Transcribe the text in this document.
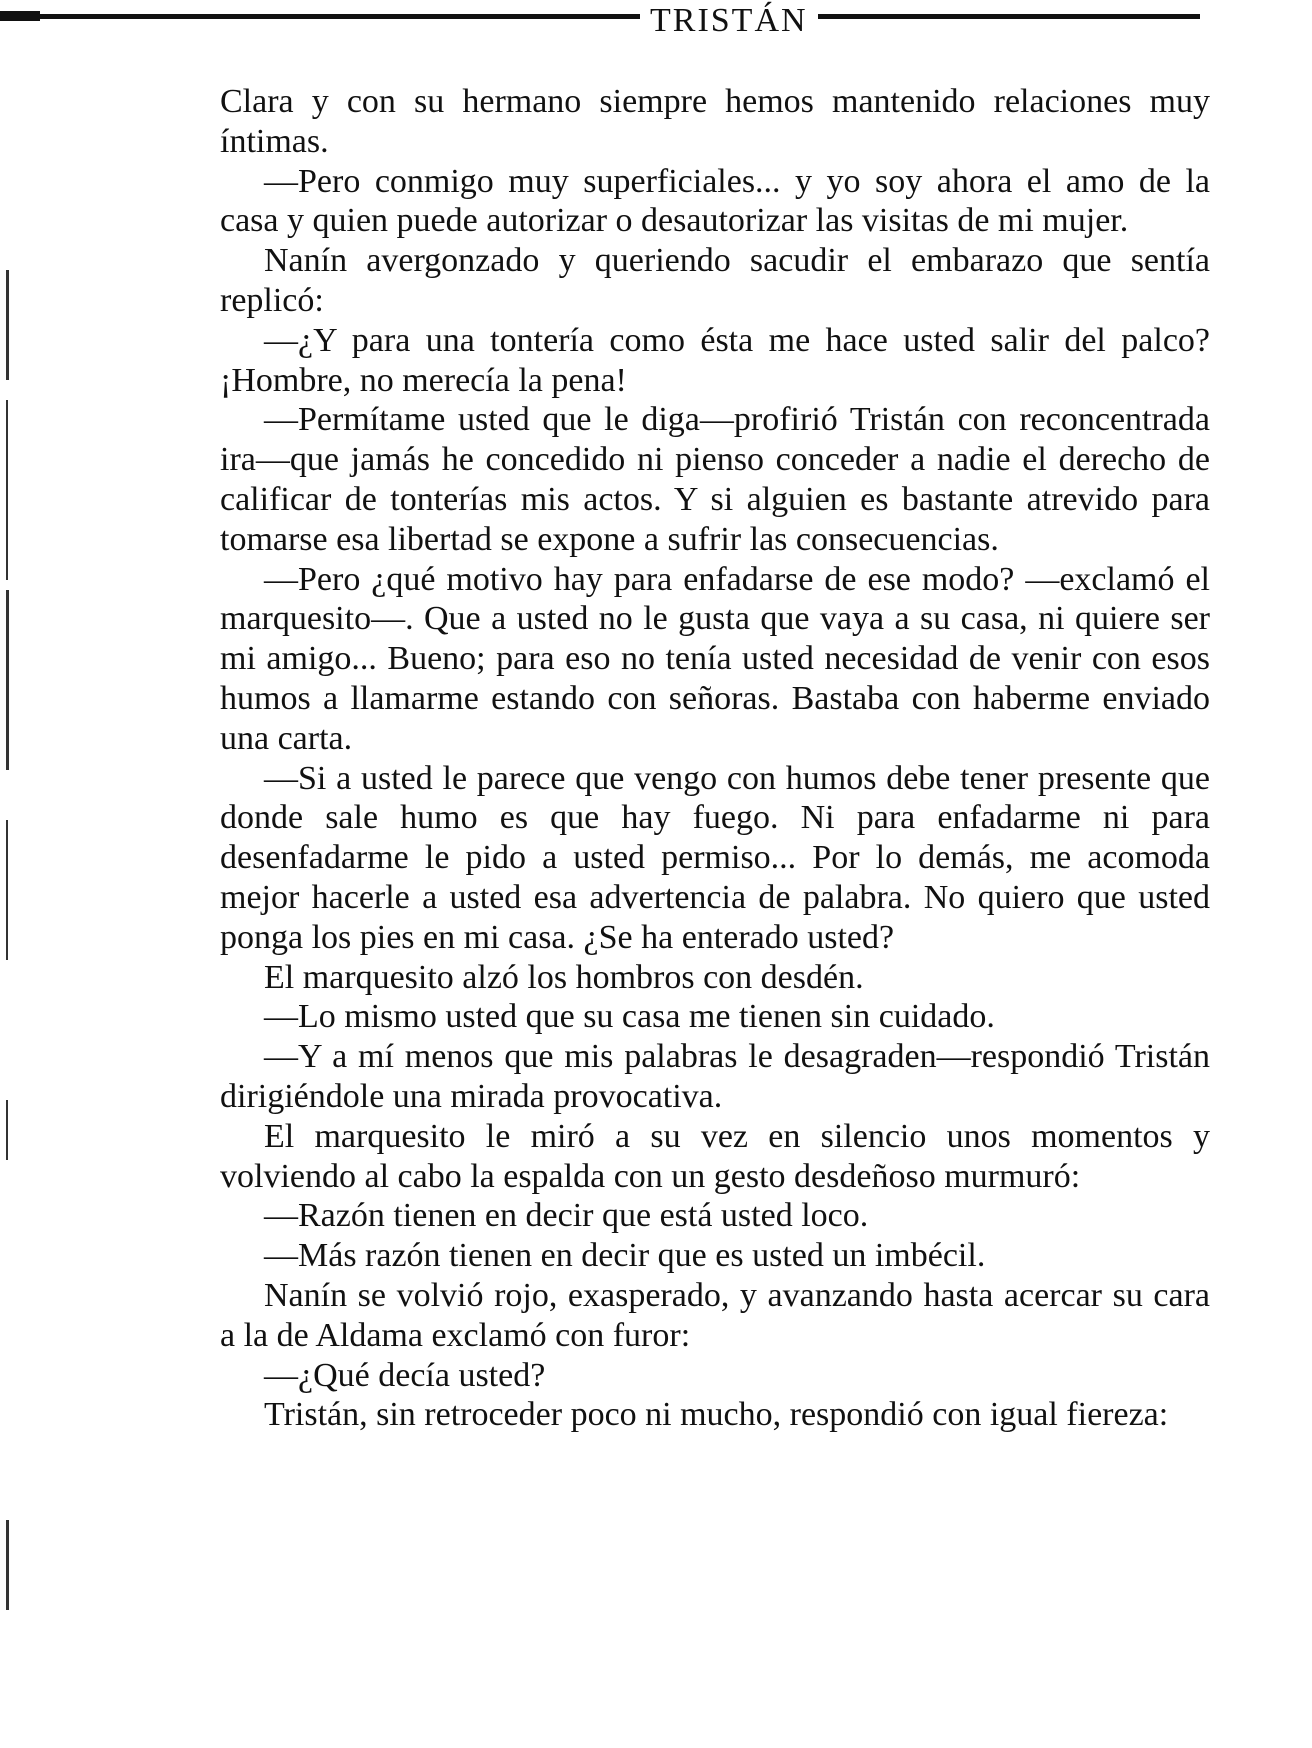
TRISTÁN

Clara y con su hermano siempre hemos mantenido relaciones muy íntimas.

—Pero conmigo muy superficiales... y yo soy ahora el amo de la casa y quien puede autorizar o desautorizar las visitas de mi mujer.

Nanín avergonzado y queriendo sacudir el embarazo que sentía replicó:

—¿Y para una tontería como ésta me hace usted salir del palco? ¡Hombre, no merecía la pena!

—Permítame usted que le diga—profirió Tristán con reconcentrada ira—que jamás he concedido ni pienso conceder a nadie el derecho de calificar de tonterías mis actos. Y si alguien es bastante atrevido para tomarse esa libertad se expone a sufrir las consecuencias.

—Pero ¿qué motivo hay para enfadarse de ese modo? —exclamó el marquesito—. Que a usted no le gusta que vaya a su casa, ni quiere ser mi amigo... Bueno; para eso no tenía usted necesidad de venir con esos humos a llamarme estando con señoras. Bastaba con haberme enviado una carta.

—Si a usted le parece que vengo con humos debe tener presente que donde sale humo es que hay fuego. Ni para enfadarme ni para desenfadarme le pido a usted permiso... Por lo demás, me acomoda mejor hacerle a usted esa advertencia de palabra. No quiero que usted ponga los pies en mi casa. ¿Se ha enterado usted?

El marquesito alzó los hombros con desdén.

—Lo mismo usted que su casa me tienen sin cuidado.

—Y a mí menos que mis palabras le desagraden—respondió Tristán dirigiéndole una mirada provocativa.

El marquesito le miró a su vez en silencio unos momentos y volviendo al cabo la espalda con un gesto desdeñoso murmuró:

—Razón tienen en decir que está usted loco.

—Más razón tienen en decir que es usted un imbécil.

Nanín se volvió rojo, exasperado, y avanzando hasta acercar su cara a la de Aldama exclamó con furor:

—¿Qué decía usted?

Tristán, sin retroceder poco ni mucho, respondió con igual fiereza:
